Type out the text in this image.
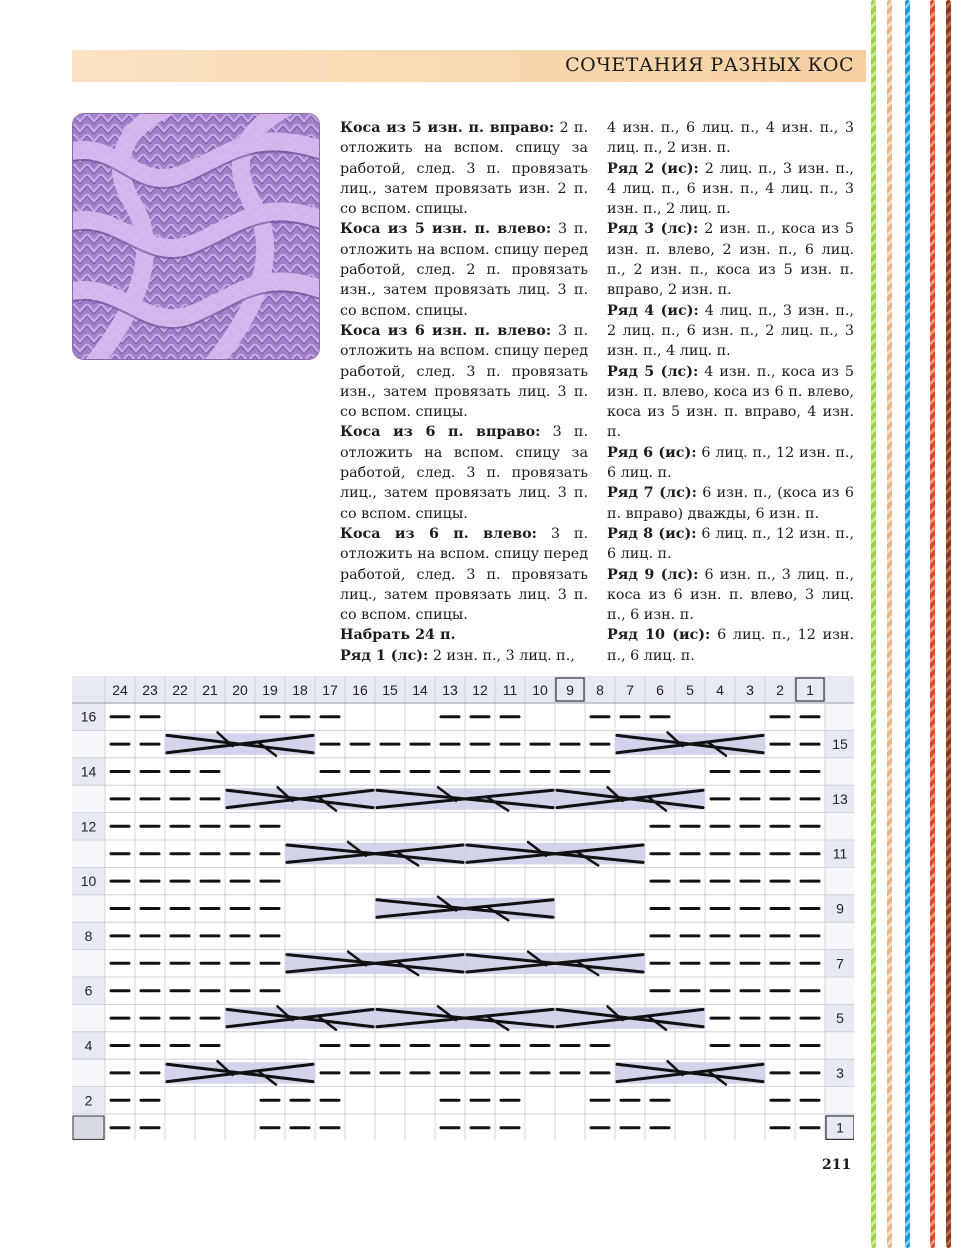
СОЧЕТАНИЯ РАЗНЫХ КОС

Коса из 5 изн. п. вправо: 2 п. отложить на вспом. спицу за работой, след. 3 п. провязать лиц., затем провязать изн. 2 п. со вспом. спицы.

Коса из 5 изн. п. влево: 3 п. отложить на вспом. спицу перед работой, след. 2 п. провязать изн., затем провязать лиц. 3 п. со вспом. спицы.

Коса из 6 изн. п. влево: 3 п. отложить на вспом. спицу перед работой, след. 3 п. провязать изн., затем провязать лиц. 3 п. со вспом. спицы.

Коса из 6 п. вправо: 3 п. отложить на вспом. спицу за работой, след. 3 п. провязать лиц., затем провязать лиц. 3 п. со вспом. спицы.

Коса из 6 п. влево: 3 п. отложить на вспом. спицу перед работой, след. 3 п. провязать лиц., затем провязать лиц. 3 п. со вспом. спицы.

Набрать 24 п.

Ряд 1 (лс): 2 изн. п., 3 лиц. п.,

4 изн. п., 6 лиц. п., 4 изн. п., 3 лиц. п., 2 изн. п.

Ряд 2 (ис): 2 лиц. п., 3 изн. п., 4 лиц. п., 6 изн. п., 4 лиц. п., 3 изн. п., 2 лиц. п.

Ряд 3 (лс): 2 изн. п., коса из 5 изн. п. влево, 2 изн. п., 6 лиц. п., 2 изн. п., коса из 5 изн. п. вправо, 2 изн. п.

Ряд 4 (ис): 4 лиц. п., 3 изн. п., 2 лиц. п., 6 изн. п., 2 лиц. п., 3 изн. п., 4 лиц. п.

Ряд 5 (лс): 4 изн. п., коса из 5 изн. п. влево, коса из 6 п. влево, коса из 5 изн. п. вправо, 4 изн. п.

Ряд 6 (ис): 6 лиц. п., 12 изн. п., 6 лиц. п.

Ряд 7 (лс): 6 изн. п., (коса из 6 п. вправо) дважды, 6 изн. п.

Ряд 8 (ис): 6 лиц. п., 12 изн. п., 6 лиц. п.

Ряд 9 (лс): 6 изн. п., 3 лиц. п., коса из 6 изн. п. влево, 3 лиц. п., 6 изн. п.

Ряд 10 (ис): 6 лиц. п., 12 изн. п., 6 лиц. п.

24 23 22 21 20 19 18 17 16 15 14 13 12 11 10 9 8 7 6 5 4 3 2 1
16
14
12
10
8
6
4
2
15
13
11
9
7
5
3
1
211
